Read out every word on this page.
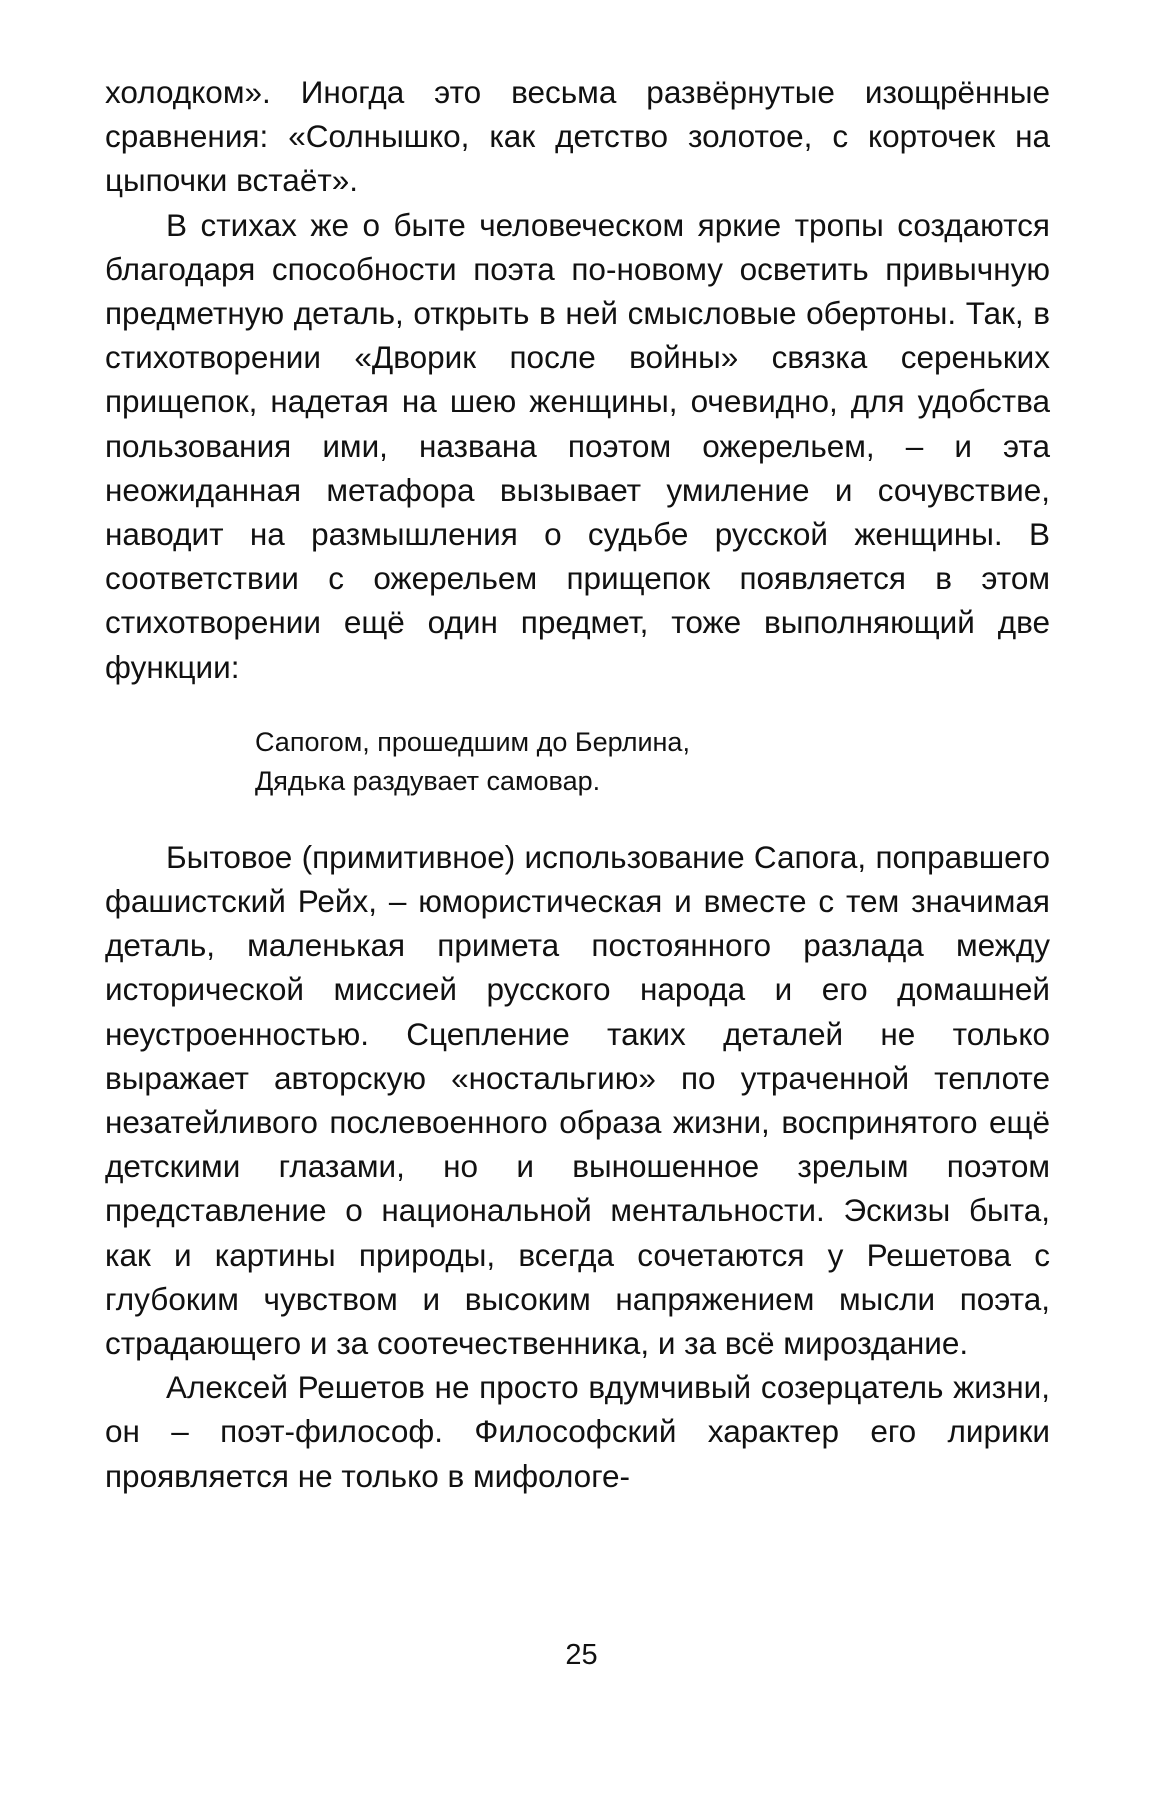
холодком». Иногда это весьма развёрнутые изощрённые сравнения: «Солнышко, как детство золотое, с корточек на цыпочки встаёт».

В стихах же о быте человеческом яркие тропы создаются благодаря способности поэта по-новому осветить привычную предметную деталь, открыть в ней смысловые обертоны. Так, в стихотворении «Дворик после войны» связка сереньких прищепок, надетая на шею женщины, очевидно, для удобства пользования ими, названа поэтом ожерельем, – и эта неожиданная метафора вызывает умиление и сочувствие, наводит на размышления о судьбе русской женщины. В соответствии с ожерельем прищепок появляется в этом стихотворении ещё один предмет, тоже выполняющий две функции:

Сапогом, прошедшим до Берлина,
Дядька раздувает самовар.

Бытовое (примитивное) использование Сапога, поправшего фашистский Рейх, – юмористическая и вместе с тем значимая деталь, маленькая примета постоянного разлада между исторической миссией русского народа и его домашней неустроенностью. Сцепление таких деталей не только выражает авторскую «ностальгию» по утраченной теплоте незатейливого послевоенного образа жизни, воспринятого ещё детскими глазами, но и выношенное зрелым поэтом представление о национальной ментальности. Эскизы быта, как и картины природы, всегда сочетаются у Решетова с глубоким чувством и высоким напряжением мысли поэта, страдающего и за соотечественника, и за всё мироздание.

Алексей Решетов не просто вдумчивый созерцатель жизни, он – поэт-философ. Философский характер его лирики проявляется не только в мифологе-

25
